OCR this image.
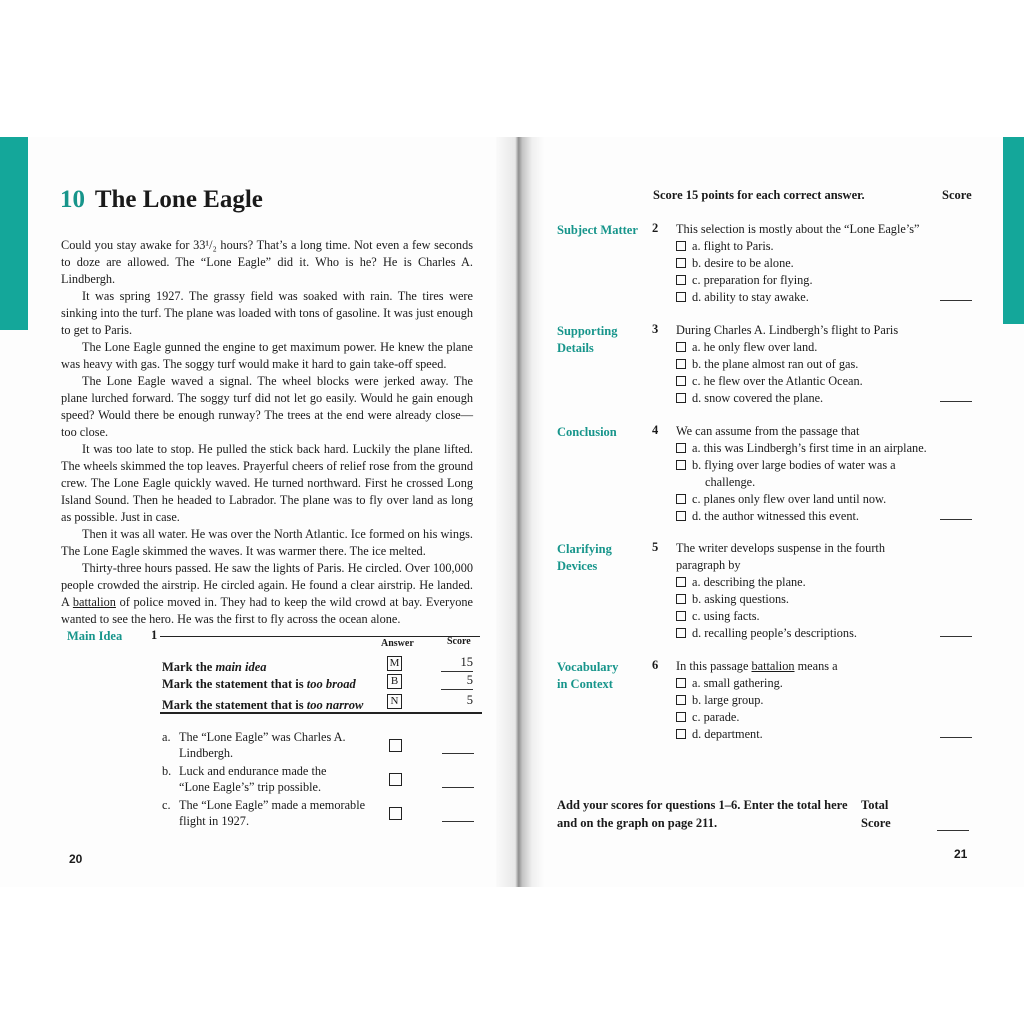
10 The Lone Eagle

Could you stay awake for 33¹/₂ hours? That’s a long time. Not even a few seconds to doze are allowed. The “Lone Eagle” did it. Who is he? He is Charles A. Lindbergh.

It was spring 1927. The grassy field was soaked with rain. The tires were sinking into the turf. The plane was loaded with tons of gasoline. It was just enough to get to Paris.

The Lone Eagle gunned the engine to get maximum power. He knew the plane was heavy with gas. The soggy turf would make it hard to gain take-off speed.

The Lone Eagle waved a signal. The wheel blocks were jerked away. The plane lurched forward. The soggy turf did not let go easily. Would he gain enough speed? Would there be enough runway? The trees at the end were already close—too close.

It was too late to stop. He pulled the stick back hard. Luckily the plane lifted. The wheels skimmed the top leaves. Prayerful cheers of relief rose from the ground crew. The Lone Eagle quickly waved. He turned northward. First he crossed Long Island Sound. Then he headed to Labrador. The plane was to fly over land as long as possible. Just in case.

Then it was all water. He was over the North Atlantic. Ice formed on his wings. The Lone Eagle skimmed the waves. It was warmer there. The ice melted.

Thirty-three hours passed. He saw the lights of Paris. He circled. Over 100,000 people crowded the airstrip. He circled again. He found a clear airstrip. He landed. A battalion of police moved in. They had to keep the wild crowd at bay. Everyone wanted to see the hero. He was the first to fly across the ocean alone.

Main Idea 1
Answer	Score
Mark the main idea	M	15
Mark the statement that is too broad	B	5
Mark the statement that is too narrow	N	5
a. The “Lone Eagle” was Charles A.
Lindbergh.
b. Luck and endurance made the
“Lone Eagle’s” trip possible.
c. The “Lone Eagle” made a memorable
flight in 1927.
20
Score 15 points for each correct answer.	Score
Subject Matter 2 This selection is mostly about the “Lone Eagle’s”
a. flight to Paris.
b. desire to be alone.
c. preparation for flying.
d. ability to stay awake.
Supporting
Details
3 During Charles A. Lindbergh’s flight to Paris
a. he only flew over land.
b. the plane almost ran out of gas.
c. he flew over the Atlantic Ocean.
d. snow covered the plane.
Conclusion	4 We can assume from the passage that
a. this was Lindbergh’s first time in an airplane.
b. flying over large bodies of water was a
challenge.
c. planes only flew over land until now.
d. the author witnessed this event.
Clarifying
Devices
5 The writer develops suspense in the fourth
paragraph by
a. describing the plane.
b. asking questions.
c. using facts.
d. recalling people’s descriptions.
Vocabulary
in Context
6 In this passage battalion means a
a. small gathering.
b. large group.
c. parade.
d. department.
Add your scores for questions 1–6. Enter the total here
and on the graph on page 211.
Total
Score
21
